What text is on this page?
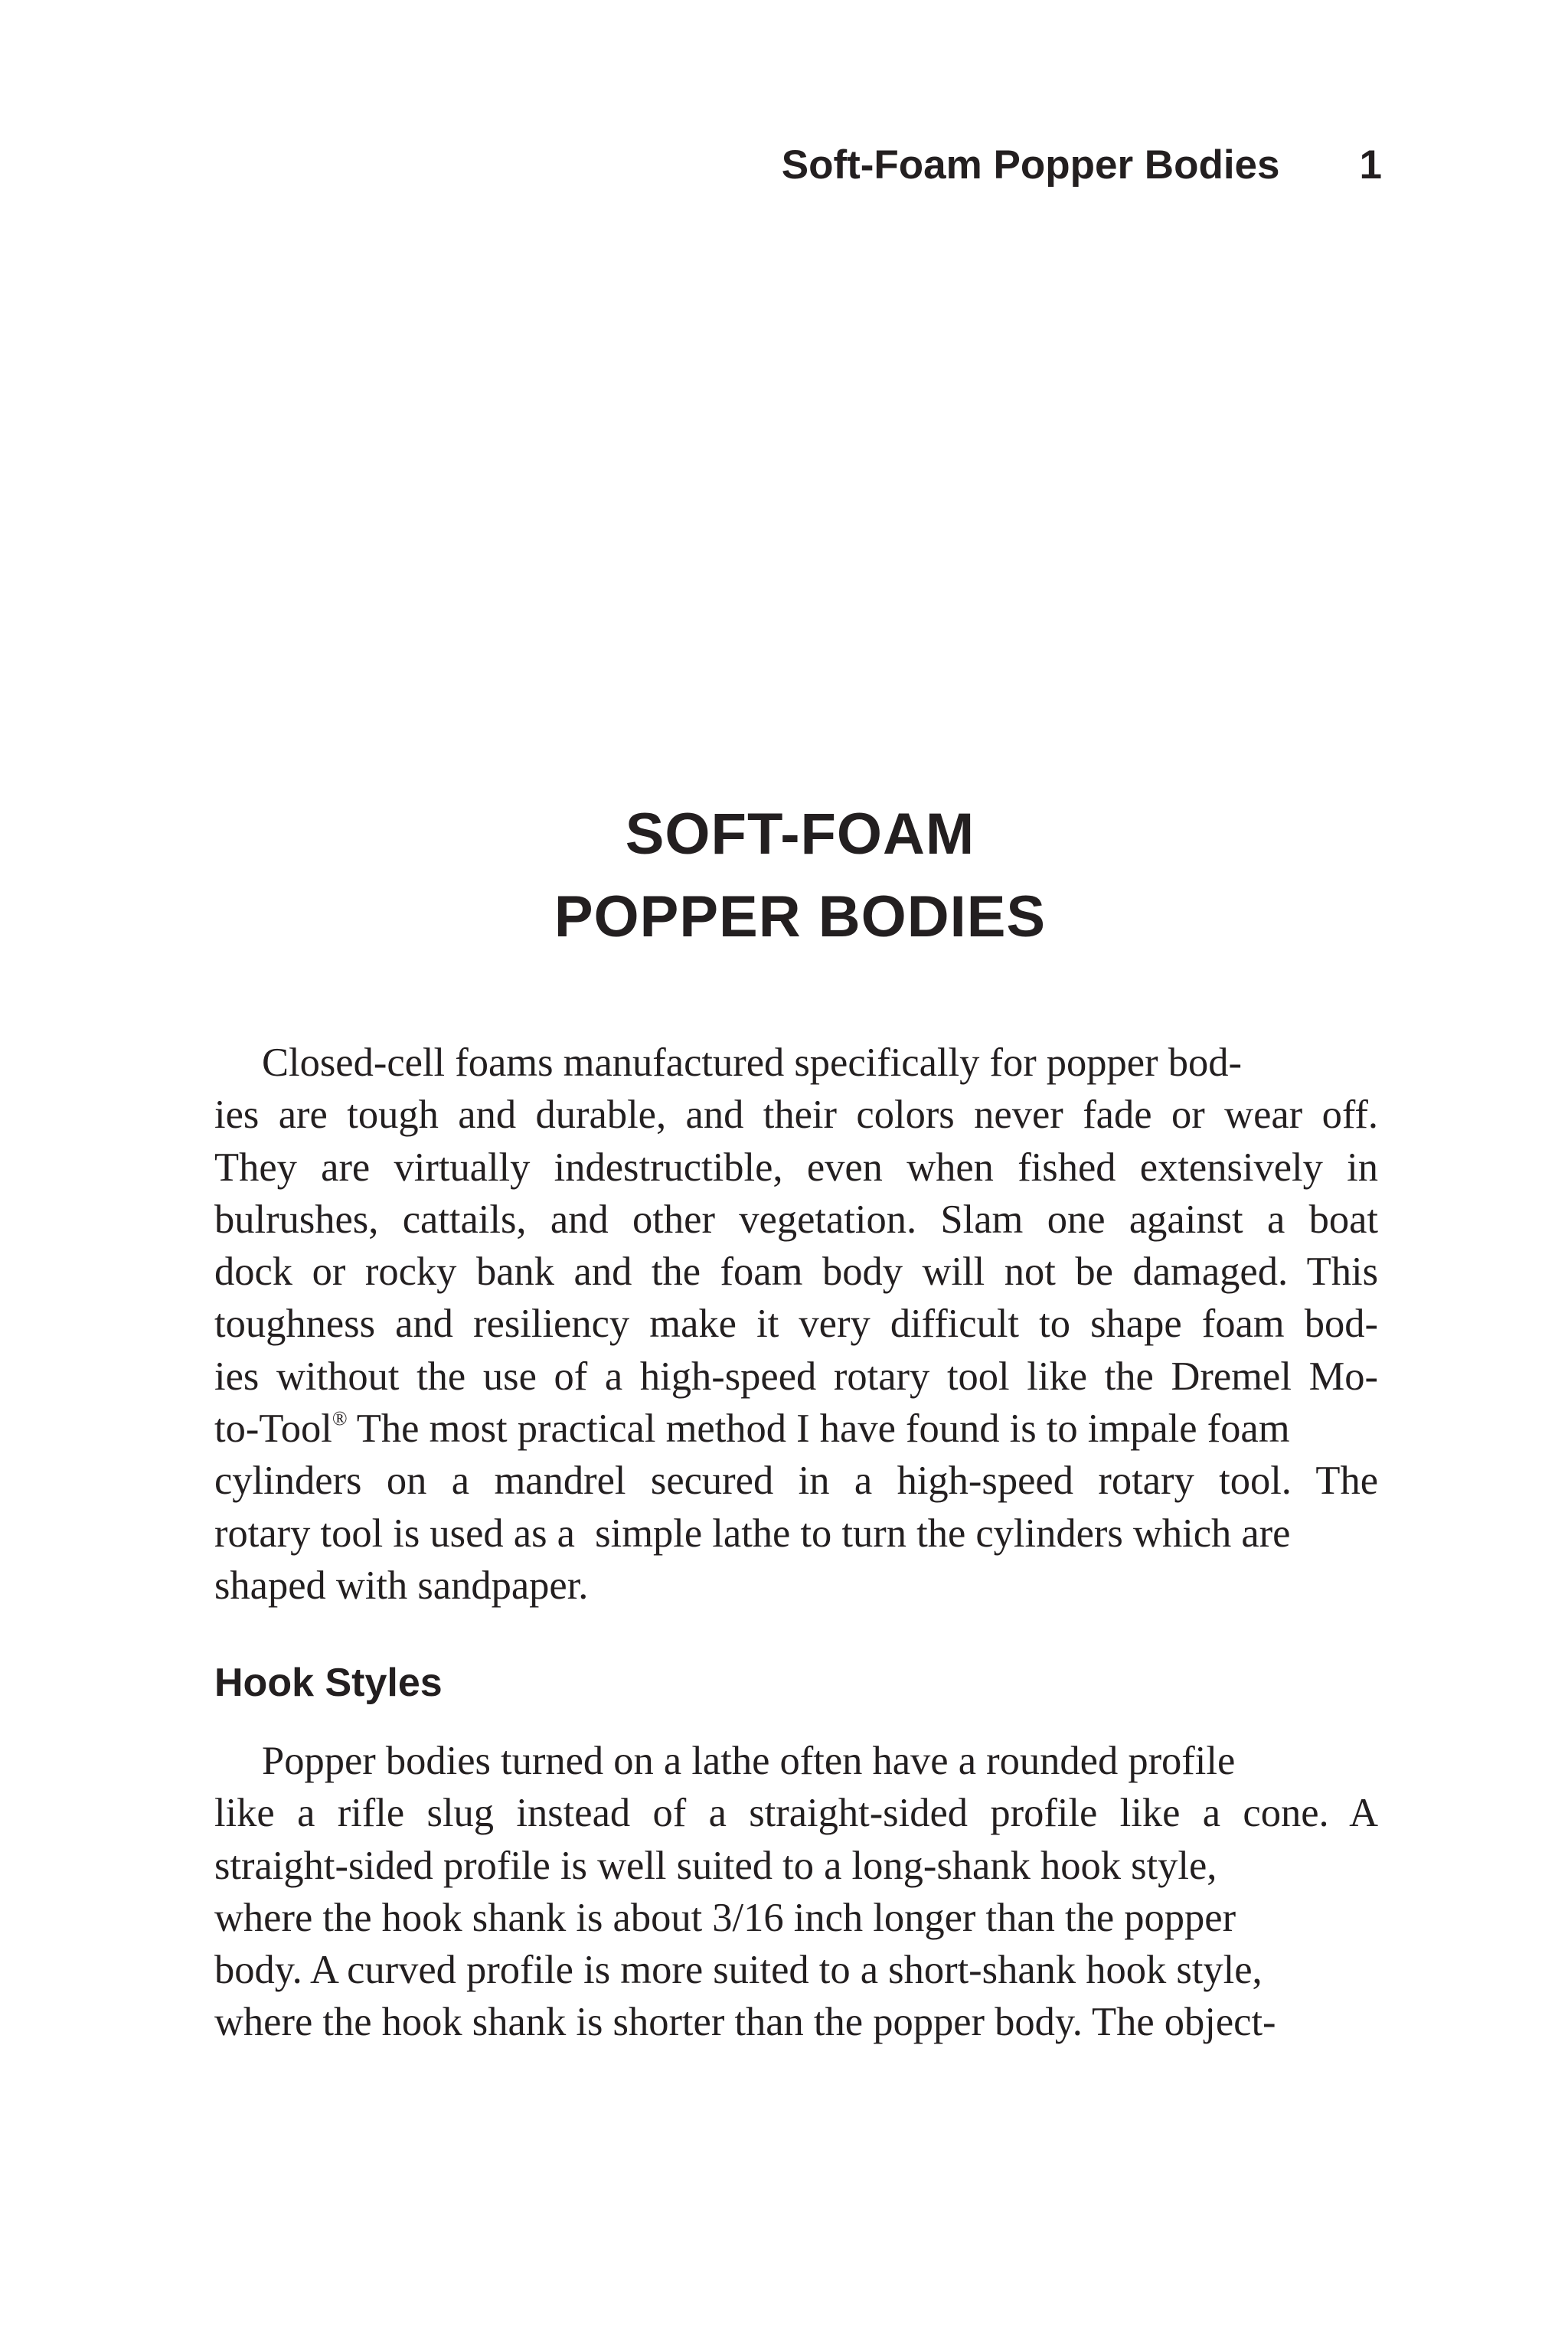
Soft-Foam Popper Bodies 1
SOFT-FOAM
POPPER BODIES
Closed-cell foams manufactured specifically for popper bod-
ies are tough and durable, and their colors never fade or wear off.
They are virtually indestructible, even when fished extensively in
bulrushes, cattails, and other vegetation. Slam one against a boat
dock or rocky bank and the foam body will not be damaged. This
toughness and resiliency make it very difficult to shape foam bod-
ies without the use of a high-speed rotary tool like the Dremel Mo-
to-Tool® The most practical method I have found is to impale foam
cylinders on a mandrel secured in a high-speed rotary tool. The
rotary tool is used as a  simple lathe to turn the cylinders which are
shaped with sandpaper.
Hook Styles
Popper bodies turned on a lathe often have a rounded profile
like a rifle slug instead of a straight-sided profile like a cone. A
straight-sided profile is well suited to a long-shank hook style,
where the hook shank is about 3/16 inch longer than the popper
body. A curved profile is more suited to a short-shank hook style,
where the hook shank is shorter than the popper body. The object-
